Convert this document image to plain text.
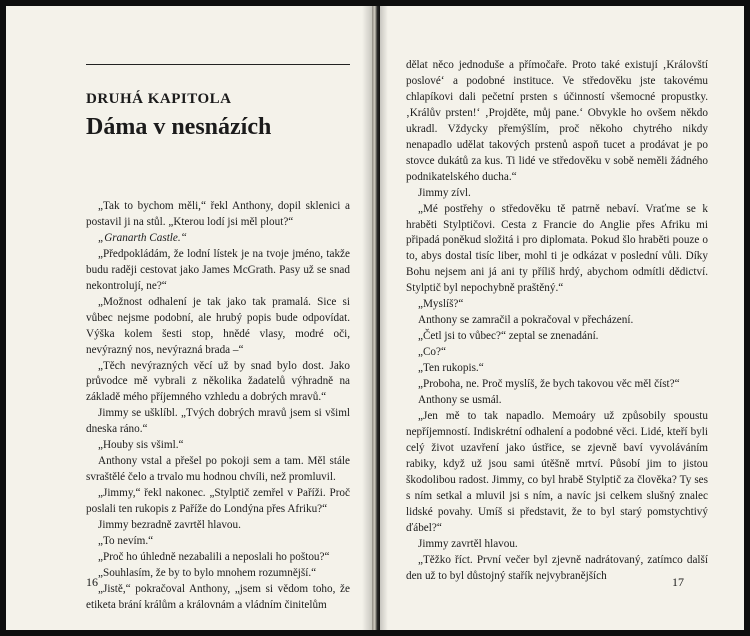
DRUHÁ KAPITOLA
Dáma v nesnázích

„Tak to bychom měli,“ řekl Anthony, dopil sklenici a postavil ji na stůl. „Kterou lodí jsi měl plout?“

„Granarth Castle.“

„Předpokládám, že lodní lístek je na tvoje jméno, takže budu raději cestovat jako James McGrath. Pasy už se snad nekontrolují, ne?“

„Možnost odhalení je tak jako tak pramalá. Sice si vůbec nejsme podobní, ale hrubý popis bude odpovídat. Výška kolem šesti stop, hnědé vlasy, modré oči, nevýrazný nos, nevýrazná brada –“

„Těch nevýrazných věcí už by snad bylo dost. Jako průvodce mě vybrali z několika žadatelů výhradně na základě mého příjemného vzhledu a dobrých mravů.“

Jimmy se ušklíbl. „Tvých dobrých mravů jsem si všiml dneska ráno.“

„Houby sis všiml.“

Anthony vstal a přešel po pokoji sem a tam. Měl stále svraštělé čelo a trvalo mu hodnou chvíli, než promluvil.

„Jimmy,“ řekl nakonec. „Stylptič zemřel v Paříži. Proč poslali ten rukopis z Paříže do Londýna přes Afriku?“

Jimmy bezradně zavrtěl hlavou.

„To nevím.“

„Proč ho úhledně nezabalili a neposlali ho poštou?“

„Souhlasím, že by to bylo mnohem rozumnější.“

„Jistě,“ pokračoval Anthony, „jsem si vědom toho, že etiketa brání králům a královnám a vládním činitelům

16

dělat něco jednoduše a přímočaře. Proto také existují ‚Královští poslové‘ a podobné instituce. Ve středověku jste takovému chlapíkovi dali pečetní prsten s účinností všemocné propustky. ‚Králův prsten!‘ ‚Projděte, můj pane.‘ Obvykle ho ovšem někdo ukradl. Vždycky přemýšlím, proč někoho chytrého nikdy nenapadlo udělat takových prstenů aspoň tucet a prodávat je po stovce dukátů za kus. Ti lidé ve středověku v sobě neměli žádného podnikatelského ducha.“

Jimmy zívl.

„Mé postřehy o středověku tě patrně nebaví. Vraťme se k hraběti Stylptičovi. Cesta z Francie do Anglie přes Afriku mi připadá poněkud složitá i pro diplomata. Pokud šlo hraběti pouze o to, abys dostal tisíc liber, mohl ti je odkázat v poslední vůli. Díky Bohu nejsem ani já ani ty příliš hrdý, abychom odmítli dědictví. Stylptič byl nepochybně praštěný.“

„Myslíš?“

Anthony se zamračil a pokračoval v přecházení.

„Četl jsi to vůbec?“ zeptal se znenadání.

„Co?“

„Ten rukopis.“

„Proboha, ne. Proč myslíš, že bych takovou věc měl číst?“

Anthony se usmál.

„Jen mě to tak napadlo. Memoáry už způsobily spoustu nepříjemností. Indiskrétní odhalení a podobné věci. Lidé, kteří byli celý život uzavření jako ústřice, se zjevně baví vyvoláváním rabiky, když už jsou sami útěšně mrtví. Působí jim to jistou škodolibou radost. Jimmy, co byl hrabě Stylptič za člověka? Ty ses s ním setkal a mluvil jsi s ním, a navíc jsi celkem slušný znalec lidské povahy. Umíš si představit, že to byl starý pomstychtivý ďábel?“

Jimmy zavrtěl hlavou.

„Těžko říct. První večer byl zjevně nadrátovaný, zatímco další den už to byl důstojný stařík nejvybranějších	17
